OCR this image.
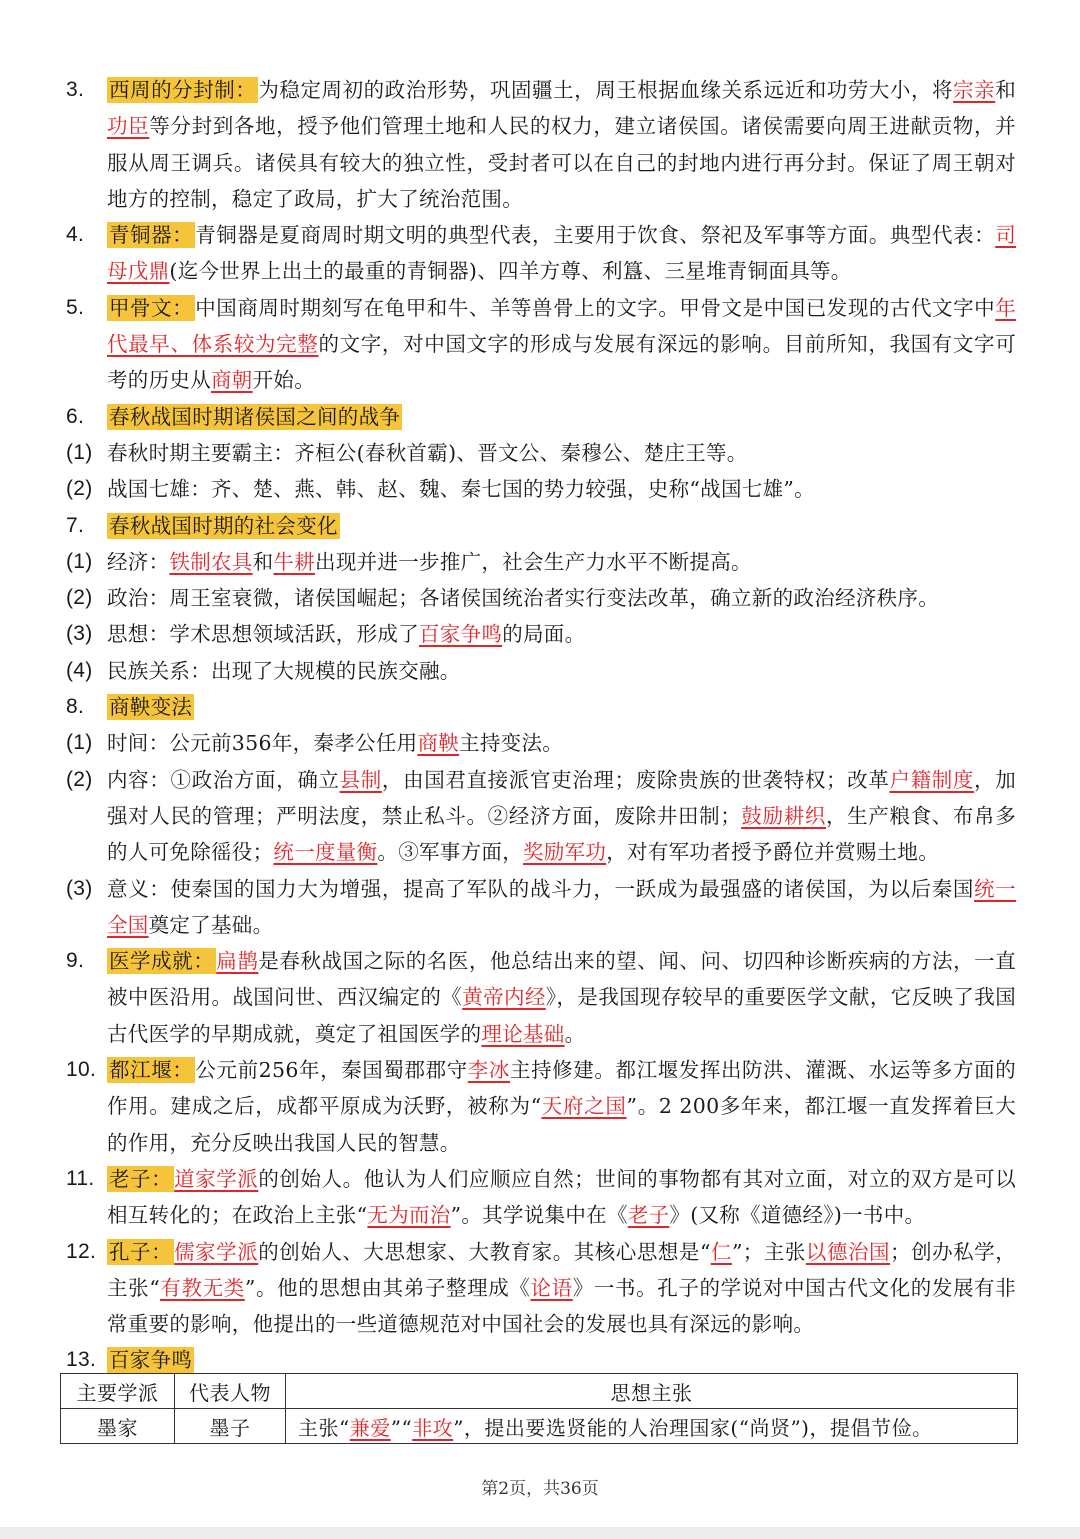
3.	西周的分封制：为稳定周初的政治形势，巩固疆土，周王根据血缘关系远近和功劳大小，将宗亲和功臣等分封到各地，授予他们管理土地和人民的权力，建立诸侯国。诸侯需要向周王进献贡物，并服从周王调兵。诸侯具有较大的独立性，受封者可以在自己的封地内进行再分封。保证了周王朝对地方的控制，稳定了政局，扩大了统治范围。
4.	青铜器：青铜器是夏商周时期文明的典型代表，主要用于饮食、祭祀及军事等方面。典型代表：司母戊鼎(迄今世界上出土的最重的青铜器)、四羊方尊、利簋、三星堆青铜面具等。
5.	甲骨文：中国商周时期刻写在龟甲和牛、羊等兽骨上的文字。甲骨文是中国已发现的古代文字中年代最早、体系较为完整的文字，对中国文字的形成与发展有深远的影响。目前所知，我国有文字可考的历史从商朝开始。
6.	春秋战国时期诸侯国之间的战争
(1) 春秋时期主要霸主：齐桓公(春秋首霸)、晋文公、秦穆公、楚庄王等。
(2) 战国七雄：齐、楚、燕、韩、赵、魏、秦七国的势力较强，史称“战国七雄”。
7.	春秋战国时期的社会变化
(1) 经济：铁制农具和牛耕出现并进一步推广，社会生产力水平不断提高。
(2) 政治：周王室衰微，诸侯国崛起；各诸侯国统治者实行变法改革，确立新的政治经济秩序。
(3) 思想：学术思想领域活跃，形成了百家争鸣的局面。
(4) 民族关系：出现了大规模的民族交融。
8.	商鞅变法
(1) 时间：公元前356年，秦孝公任用商鞅主持变法。
(2) 内容：①政治方面，确立县制，由国君直接派官吏治理；废除贵族的世袭特权；改革户籍制度，加强对人民的管理；严明法度，禁止私斗。②经济方面，废除井田制；鼓励耕织，生产粮食、布帛多的人可免除徭役；统一度量衡。③军事方面，奖励军功，对有军功者授予爵位并赏赐土地。
(3) 意义：使秦国的国力大为增强，提高了军队的战斗力，一跃成为最强盛的诸侯国，为以后秦国统一全国奠定了基础。
9.	医学成就：扁鹊是春秋战国之际的名医，他总结出来的望、闻、问、切四种诊断疾病的方法，一直被中医沿用。战国问世、西汉编定的《黄帝内经》，是我国现存较早的重要医学文献，它反映了我国古代医学的早期成就，奠定了祖国医学的理论基础。
10. 都江堰：公元前256年，秦国蜀郡郡守李冰主持修建。都江堰发挥出防洪、灌溉、水运等多方面的作用。建成之后，成都平原成为沃野，被称为“天府之国”。2 200多年来，都江堰一直发挥着巨大的作用，充分反映出我国人民的智慧。
11. 老子：道家学派的创始人。他认为人们应顺应自然；世间的事物都有其对立面，对立的双方是可以相互转化的；在政治上主张“无为而治”。其学说集中在《老子》(又称《道德经》)一书中。
12. 孔子：儒家学派的创始人、大思想家、大教育家。其核心思想是“仁”；主张以德治国；创办私学，主张“有教无类”。他的思想由其弟子整理成《论语》一书。孔子的学说对中国古代文化的发展有非常重要的影响，他提出的一些道德规范对中国社会的发展也具有深远的影响。
13. 百家争鸣
主要学派	代表人物	思想主张
墨家	墨子	主张“兼爱”“非攻”，提出要选贤能的人治理国家(“尚贤”)，提倡节俭。
第2页，共36页
